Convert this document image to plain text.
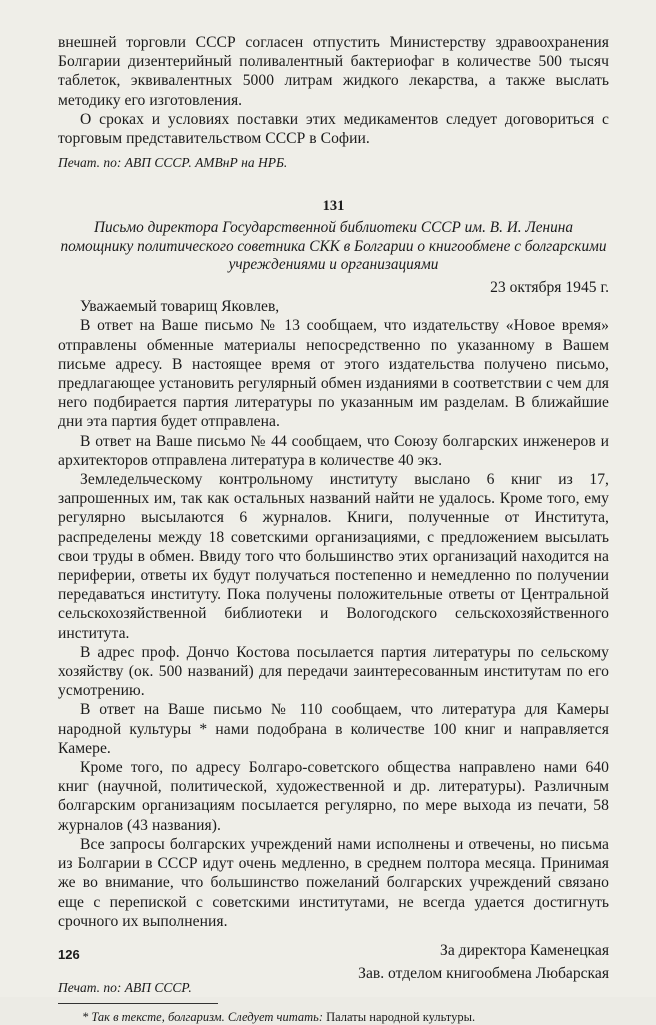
внешней торговли СССР согласен отпустить Министерству здравоохранения Болгарии дизентерийный поливалентный бактериофаг в количестве 500 тысяч таблеток, эквивалентных 5000 литрам жидкого лекарства, а также выслать методику его изготовления.

О сроках и условиях поставки этих медикаментов следует договориться с торговым представительством СССР в Софии.

Печат. по: АВП СССР. АМВнР на НРБ.

131

Письмо директора Государственной библиотеки СССР им. В. И. Ленина помощнику политического советника СКК в Болгарии о книгообмене с болгарскими учреждениями и организациями

23 октября 1945 г.

Уважаемый товарищ Яковлев,

В ответ на Ваше письмо № 13 сообщаем, что издательству «Новое время» отправлены обменные материалы непосредственно по указанному в Вашем письме адресу. В настоящее время от этого издательства получено письмо, предлагающее установить регулярный обмен изданиями в соответствии с чем для него подбирается партия литературы по указанным им разделам. В ближайшие дни эта партия будет отправлена.

В ответ на Ваше письмо № 44 сообщаем, что Союзу болгарских инженеров и архитекторов отправлена литература в количестве 40 экз.

Земледельческому контрольному институту выслано 6 книг из 17, запрошенных им, так как остальных названий найти не удалось. Кроме того, ему регулярно высылаются 6 журналов. Книги, полученные от Института, распределены между 18 советскими организациями, с предложением высылать свои труды в обмен. Ввиду того что большинство этих организаций находится на периферии, ответы их будут получаться постепенно и немедленно по получении передаваться институту. Пока получены положительные ответы от Центральной сельскохозяйственной библиотеки и Вологодского сельскохозяйственного института.

В адрес проф. Дончо Костова посылается партия литературы по сельскому хозяйству (ок. 500 названий) для передачи заинтересованным институтам по его усмотрению.

В ответ на Ваше письмо № 110 сообщаем, что литература для Камеры народной культуры * нами подобрана в количестве 100 книг и направляется Камере.

Кроме того, по адресу Болгаро-советского общества направлено нами 640 книг (научной, политической, художественной и др. литературы). Различным болгарским организациям посылается регулярно, по мере выхода из печати, 58 журналов (43 названия).

Все запросы болгарских учреждений нами исполнены и отвечены, но письма из Болгарии в СССР идут очень медленно, в среднем полтора месяца. Принимая же во внимание, что большинство пожеланий болгарских учреждений связано еще с перепиской с советскими институтами, не всегда удается достигнуть срочного их выполнения.

За директора Каменецкая

Зав. отделом книгообмена Любарская

Печат. по: АВП СССР.

* Так в тексте, болгаризм. Следует читать: Палаты народной культуры.

126
